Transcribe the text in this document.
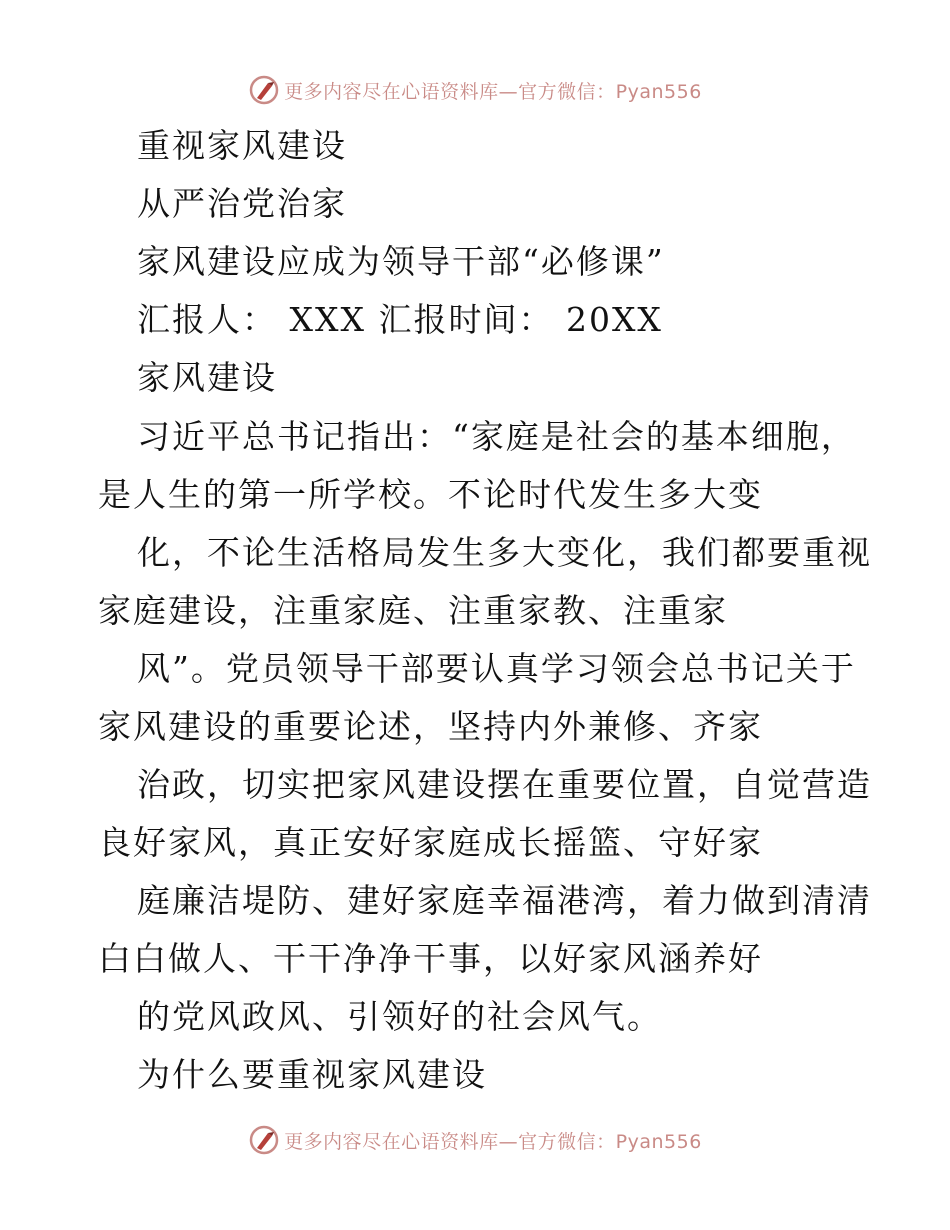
更多内容尽在心语资料库—官方微信：Pyan556
重视家风建设
从严治党治家
家风建设应成为领导干部“必修课”
汇报人： XXX 汇报时间： 20XX
家风建设
习近平总书记指出：“家庭是社会的基本细胞，
是人生的第一所学校。不论时代发生多大变
化，不论生活格局发生多大变化，我们都要重视
家庭建设，注重家庭、注重家教、注重家
风”。党员领导干部要认真学习领会总书记关于
家风建设的重要论述，坚持内外兼修、齐家
治政，切实把家风建设摆在重要位置，自觉营造
良好家风，真正安好家庭成长摇篮、守好家
庭廉洁堤防、建好家庭幸福港湾，着力做到清清
白白做人、干干净净干事，以好家风涵养好
的党风政风、引领好的社会风气。
为什么要重视家风建设
更多内容尽在心语资料库—官方微信：Pyan556
